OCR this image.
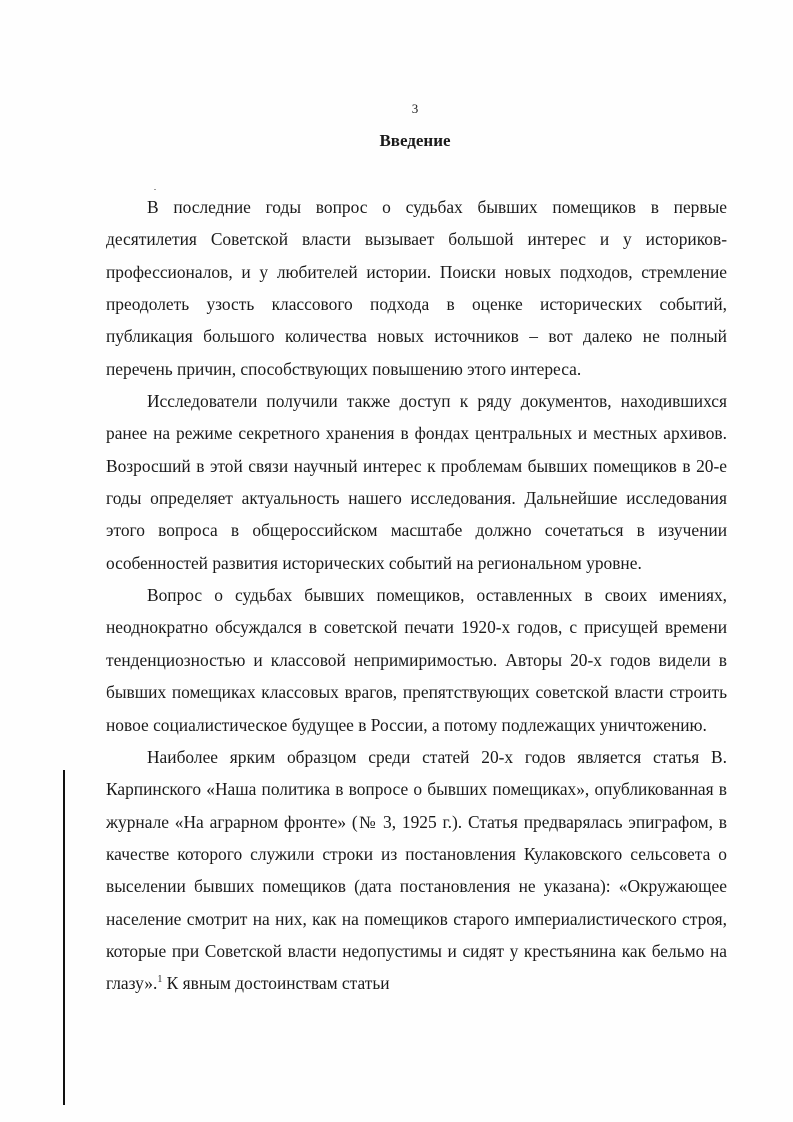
3
Введение

В последние годы вопрос о судьбах бывших помещиков в первые десятилетия Советской власти вызывает большой интерес и у историков-профессионалов, и у любителей истории. Поиски новых подходов, стремление преодолеть узость классового подхода в оценке исторических событий, публикация большого количества новых источников – вот далеко не полный перечень причин, способствующих повышению этого интереса.

Исследователи получили также доступ к ряду документов, находившихся ранее на режиме секретного хранения в фондах центральных и местных архивов. Возросший в этой связи научный интерес к проблемам бывших помещиков в 20-е годы определяет актуальность нашего исследования. Дальнейшие исследования этого вопроса в общероссийском масштабе должно сочетаться в изучении особенностей развития исторических событий на региональном уровне.

Вопрос о судьбах бывших помещиков, оставленных в своих имениях, неоднократно обсуждался в советской печати 1920-х годов, с присущей времени тенденциозностью и классовой непримиримостью. Авторы 20-х годов видели в бывших помещиках классовых врагов, препятствующих советской власти строить новое социалистическое будущее в России, а потому подлежащих уничтожению.

Наиболее ярким образцом среди статей 20-х годов является статья В. Карпинского «Наша политика в вопросе о бывших помещиках», опубликованная в журнале «На аграрном фронте» (№ 3, 1925 г.). Статья предварялась эпиграфом, в качестве которого служили строки из постановления Кулаковского сельсовета о выселении бывших помещиков (дата постановления не указана): «Окружающее население смотрит на них, как на помещиков старого империалистического строя, которые при Советской власти недопустимы и сидят у крестьянина как бельмо на глазу».$^1$ К явным достоинствам статьи
